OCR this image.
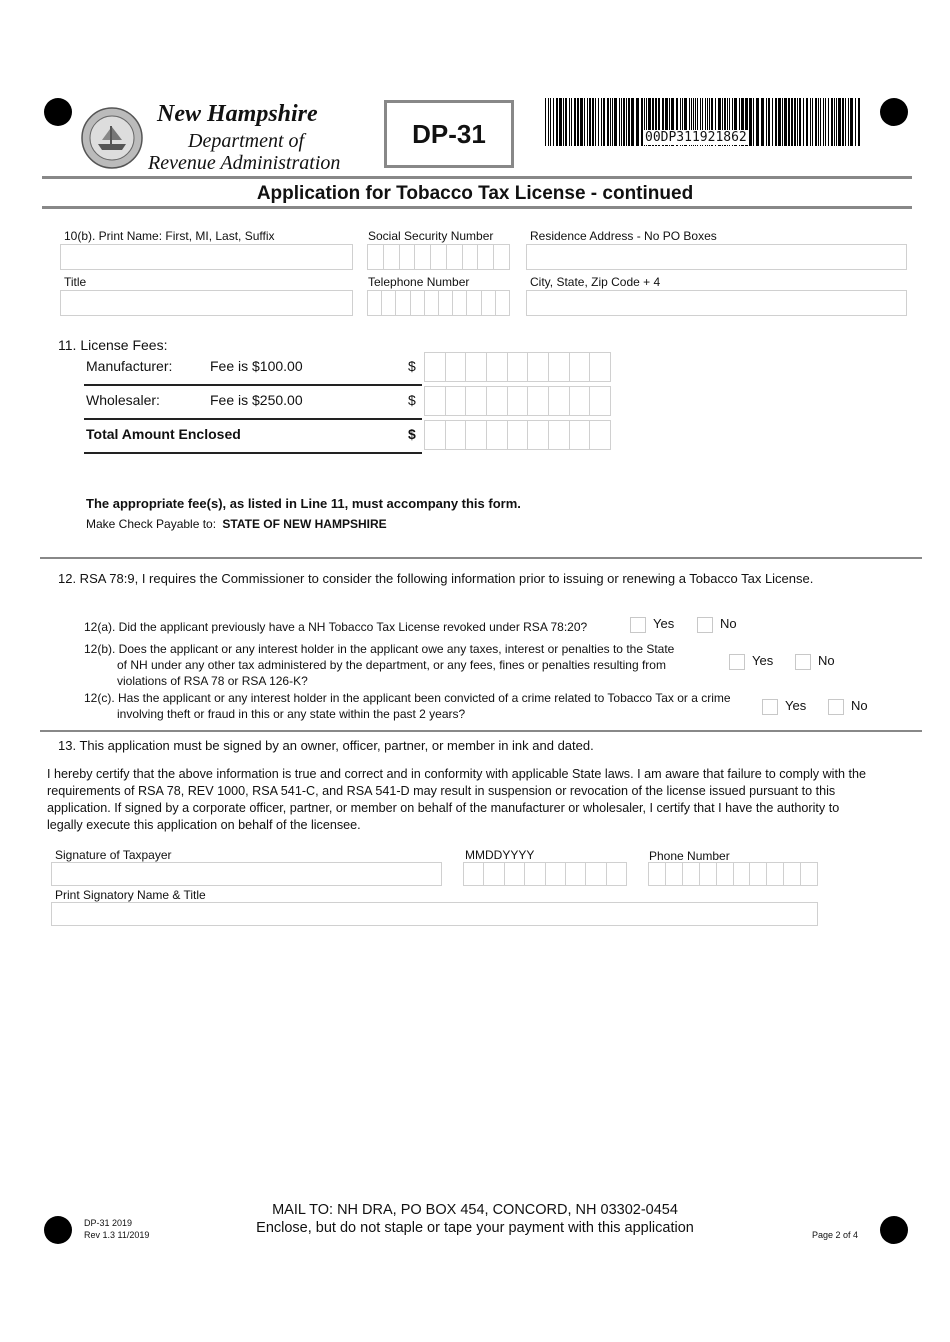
New Hampshire
Department of
Revenue Administration
DP-31	00DP311921862
Application for Tobacco Tax License - continued
10(b). Print Name: First, MI, Last, Suffix	Social Security Number	Residence Address - No PO Boxes
Title	Telephone Number	City, State, Zip Code + 4
11. License Fees:
Manufacturer:	Fee is $100.00	$
Wholesaler:	Fee is $250.00	$
Total Amount Enclosed	$
The appropriate fee(s), as listed in Line 11, must accompany this form.
Make Check Payable to: STATE OF NEW HAMPSHIRE
12. RSA 78:9, I requires the Commissioner to consider the following information prior to issuing or renewing a Tobacco Tax License.
12(a). Did the applicant previously have a NH Tobacco Tax License revoked under RSA 78:20?	Yes	No
12(b). Does the applicant or any interest holder in the applicant owe any taxes, interest or penalties to the State
of NH under any other tax administered by the department, or any fees, fines or penalties resulting from
violations of RSA 78 or RSA 126-K?
Yes	No
12(c). Has the applicant or any interest holder in the applicant been convicted of a crime related to Tobacco Tax or a crime
involving theft or fraud in this or any state within the past 2 years?
Yes	No
13. This application must be signed by an owner, officer, partner, or member in ink and dated.
I hereby certify that the above information is true and correct and in conformity with applicable State laws. I am aware that failure to comply with the
requirements of RSA 78, REV 1000, RSA 541-C, and RSA 541-D may result in suspension or revocation of the license issued pursuant to this
application. If signed by a corporate officer, partner, or member on behalf of the manufacturer or wholesaler, I certify that I have the authority to
legally execute this application on behalf of the licensee.
Signature of Taxpayer	MMDDYYYY	Phone Number
Print Signatory Name & Title
DP-31 2019
Rev 1.3 11/2019
MAIL TO: NH DRA, PO BOX 454, CONCORD, NH 03302-0454
Enclose, but do not staple or tape your payment with this application	Page 2 of 4
